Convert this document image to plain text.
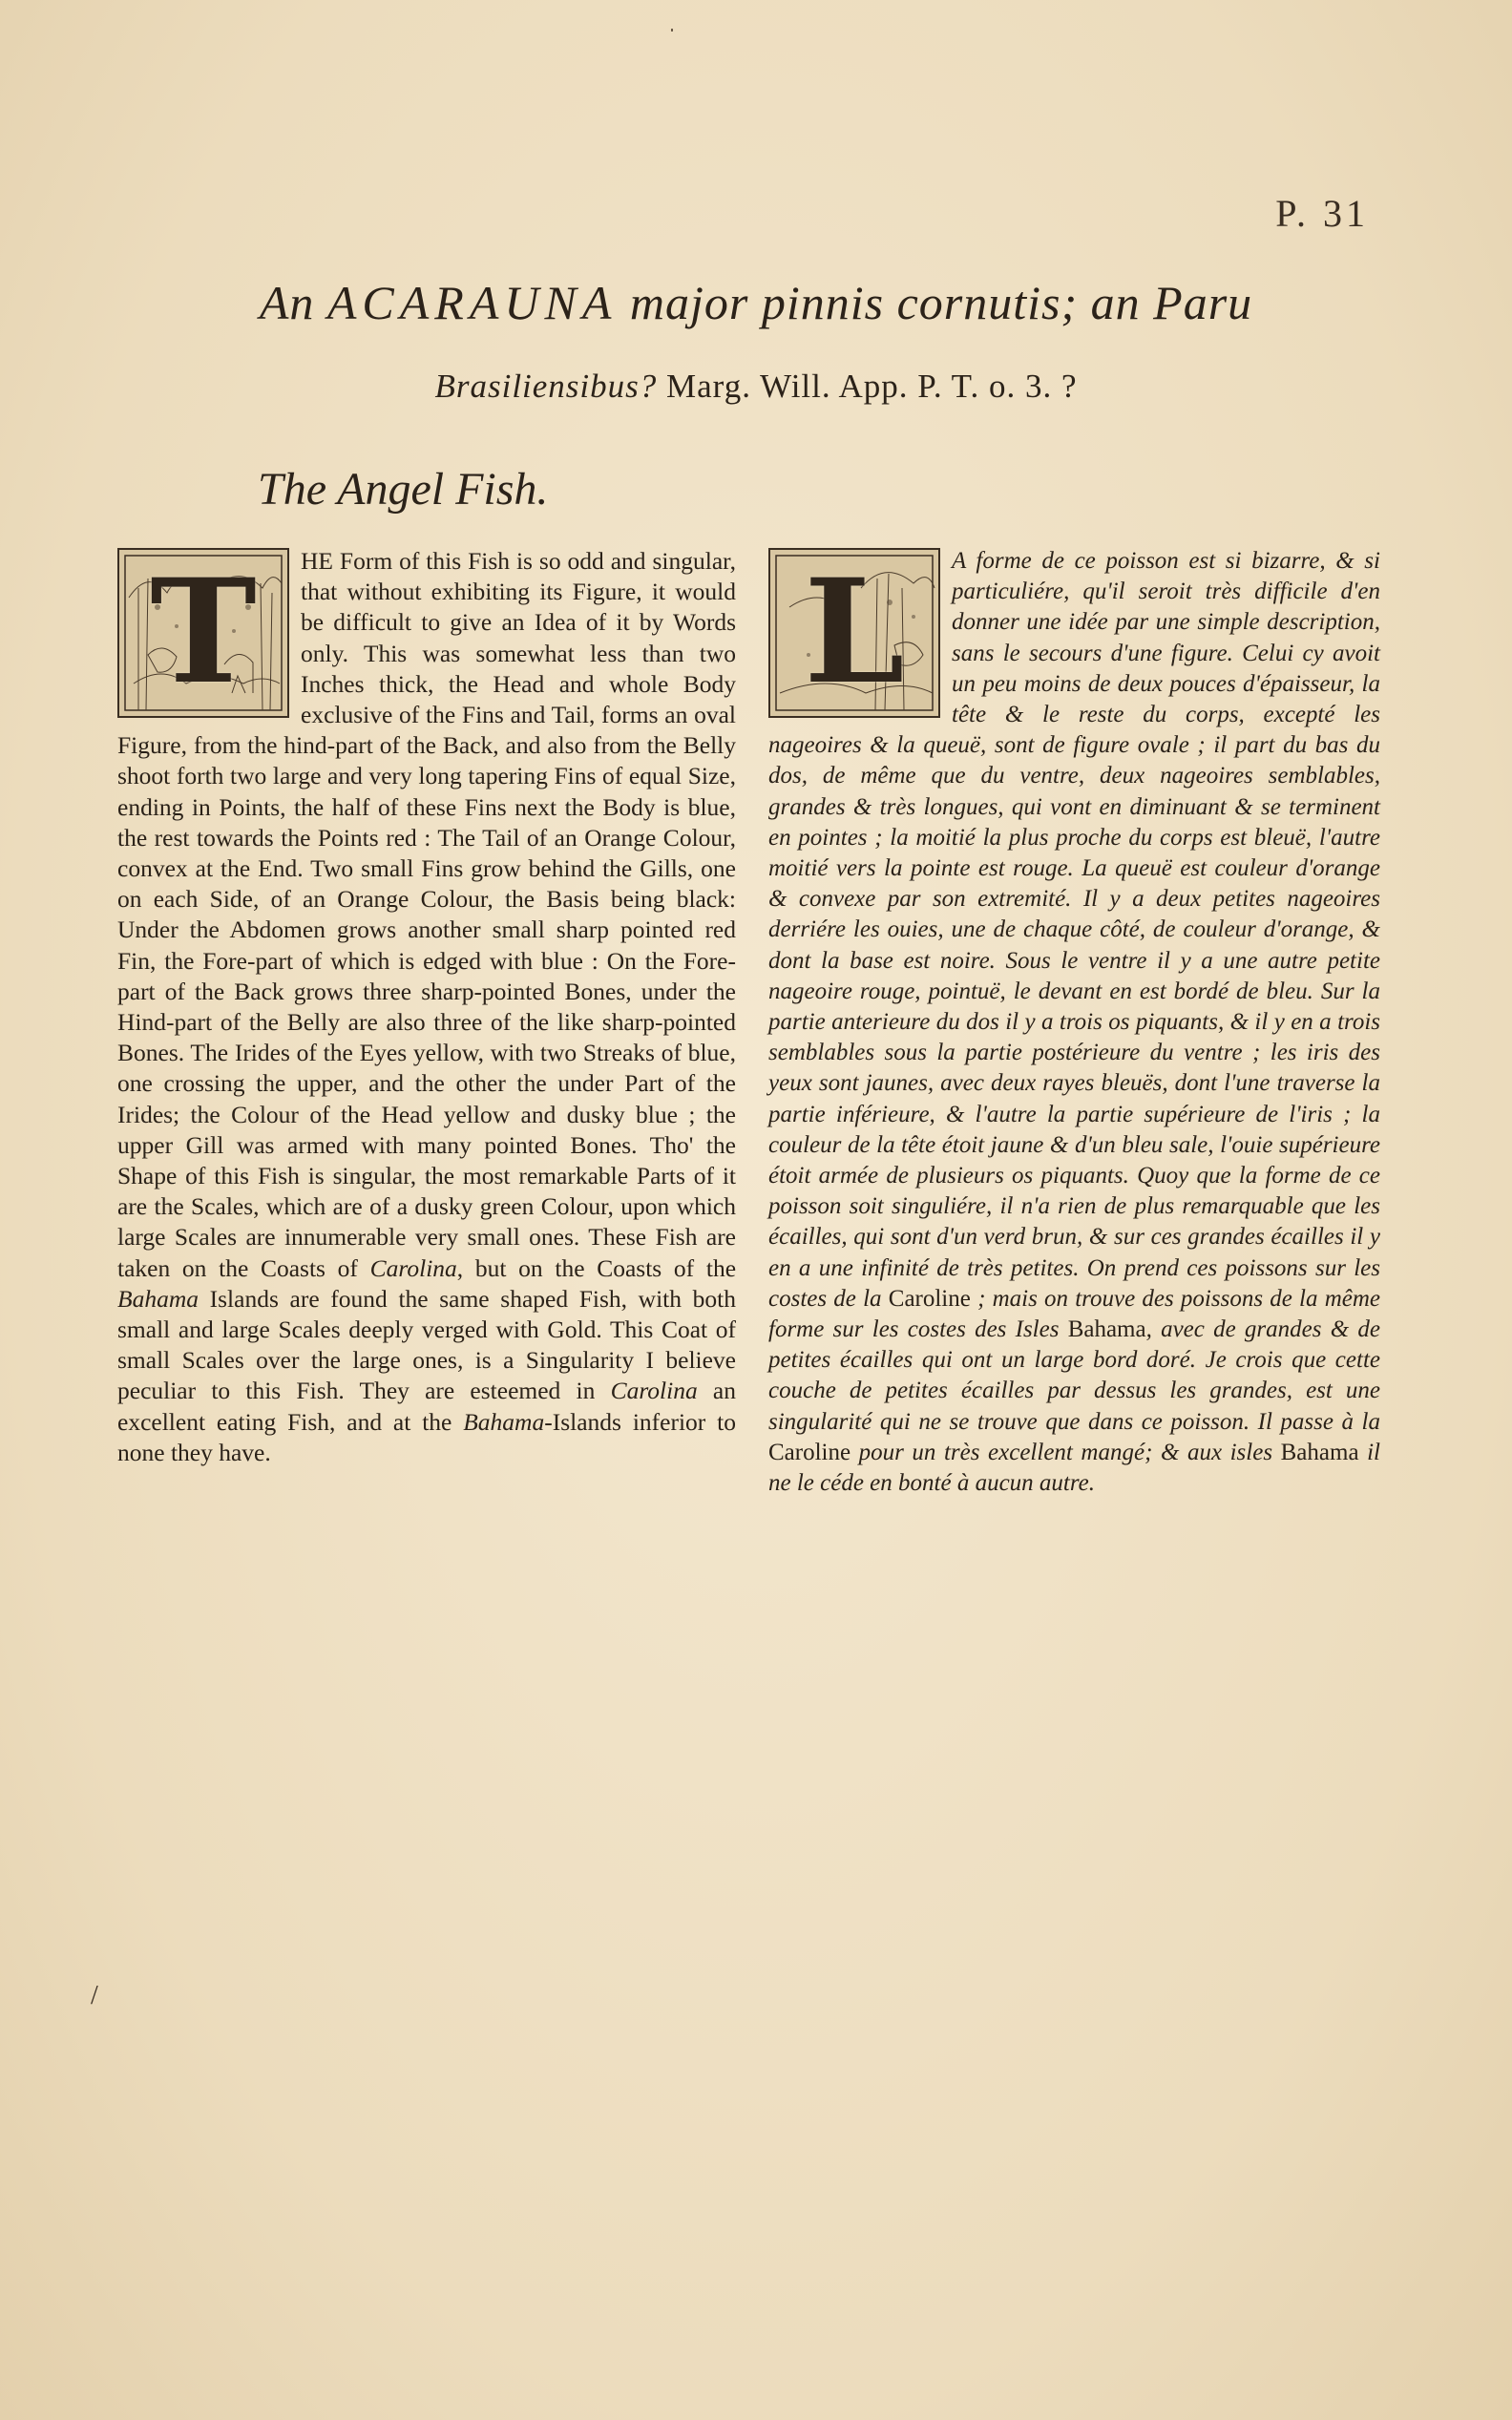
P. 31
An ACARAUNA major pinnis cornutis; an Paru
Brasiliensibus? Marg. Will. App. P. T. o. 3. ?
The Angel Fish.
T	HE Form of this Fish is so odd and singular, that without exhibiting its Figure, it would be difficult to give an Idea of it by Words only. This was somewhat less than two Inches thick, the Head and whole Body exclusive of the Fins and Tail, forms an oval Figure, from the hind-part of the Back, and also from the Belly shoot forth two large and very long tapering Fins of equal Size, ending in Points, the half of these Fins next the Body is blue, the rest towards the Points red : The Tail of an Orange Colour, convex at the End. Two small Fins grow behind the Gills, one on each Side, of an Orange Colour, the Basis being black: Under the Abdomen grows another small sharp pointed red Fin, the Fore-part of which is edged with blue : On the Fore-part of the Back grows three sharp-pointed Bones, under the Hind-part of the Belly are also three of the like sharp-pointed Bones. The Irides of the Eyes yellow, with two Streaks of blue, one crossing the upper, and the other the under Part of the Irides; the Colour of the Head yellow and dusky blue ; the upper Gill was armed with many pointed Bones. Tho' the Shape of this Fish is singular, the most remarkable Parts of it are the Scales, which are of a dusky green Colour, upon which large Scales are innumerable very small ones. These Fish are taken on the Coasts of Carolina, but on the Coasts of the Bahama Islands are found the same shaped Fish, with both small and large Scales deeply verged with Gold. This Coat of small Scales over the large ones, is a Singularity I believe peculiar to this Fish. They are esteemed in Carolina an excellent eating Fish, and at the Bahama-Islands inferior to none they have.

L	A forme de ce poisson est si bizarre, & si particuliére, qu'il seroit très difficile d'en donner une idée par une simple description, sans le secours d'une figure. Celui cy avoit un peu moins de deux pouces d'épaisseur, la tête & le reste du corps, excepté les nageoires & la queuë, sont de figure ovale ; il part du bas du dos, de même que du ventre, deux nageoires semblables, grandes & très longues, qui vont en diminuant & se terminent en pointes ; la moitié la plus proche du corps est bleuë, l'autre moitié vers la pointe est rouge. La queuë est couleur d'orange & convexe par son extremité. Il y a deux petites nageoires derriére les ouies, une de chaque côté, de couleur d'orange, & dont la base est noire. Sous le ventre il y a une autre petite nageoire rouge, pointuë, le devant en est bordé de bleu. Sur la partie anterieure du dos il y a trois os piquants, & il y en a trois semblables sous la partie postérieure du ventre ; les iris des yeux sont jaunes, avec deux rayes bleuës, dont l'une traverse la partie inférieure, & l'autre la partie supérieure de l'iris ; la couleur de la tête étoit jaune & d'un bleu sale, l'ouie supérieure étoit armée de plusieurs os piquants. Quoy que la forme de ce poisson soit singuliére, il n'a rien de plus remarquable que les écailles, qui sont d'un verd brun, & sur ces grandes écailles il y en a une infinité de très petites. On prend ces poissons sur les costes de la Caroline ; mais on trouve des poissons de la même forme sur les costes des Isles Bahama, avec de grandes & de petites écailles qui ont un large bord doré. Je crois que cette couche de petites écailles par dessus les grandes, est une singularité qui ne se trouve que dans ce poisson. Il passe à la Caroline pour un très excellent mangé; & aux isles Bahama il ne le céde en bonté à aucun autre.

/
